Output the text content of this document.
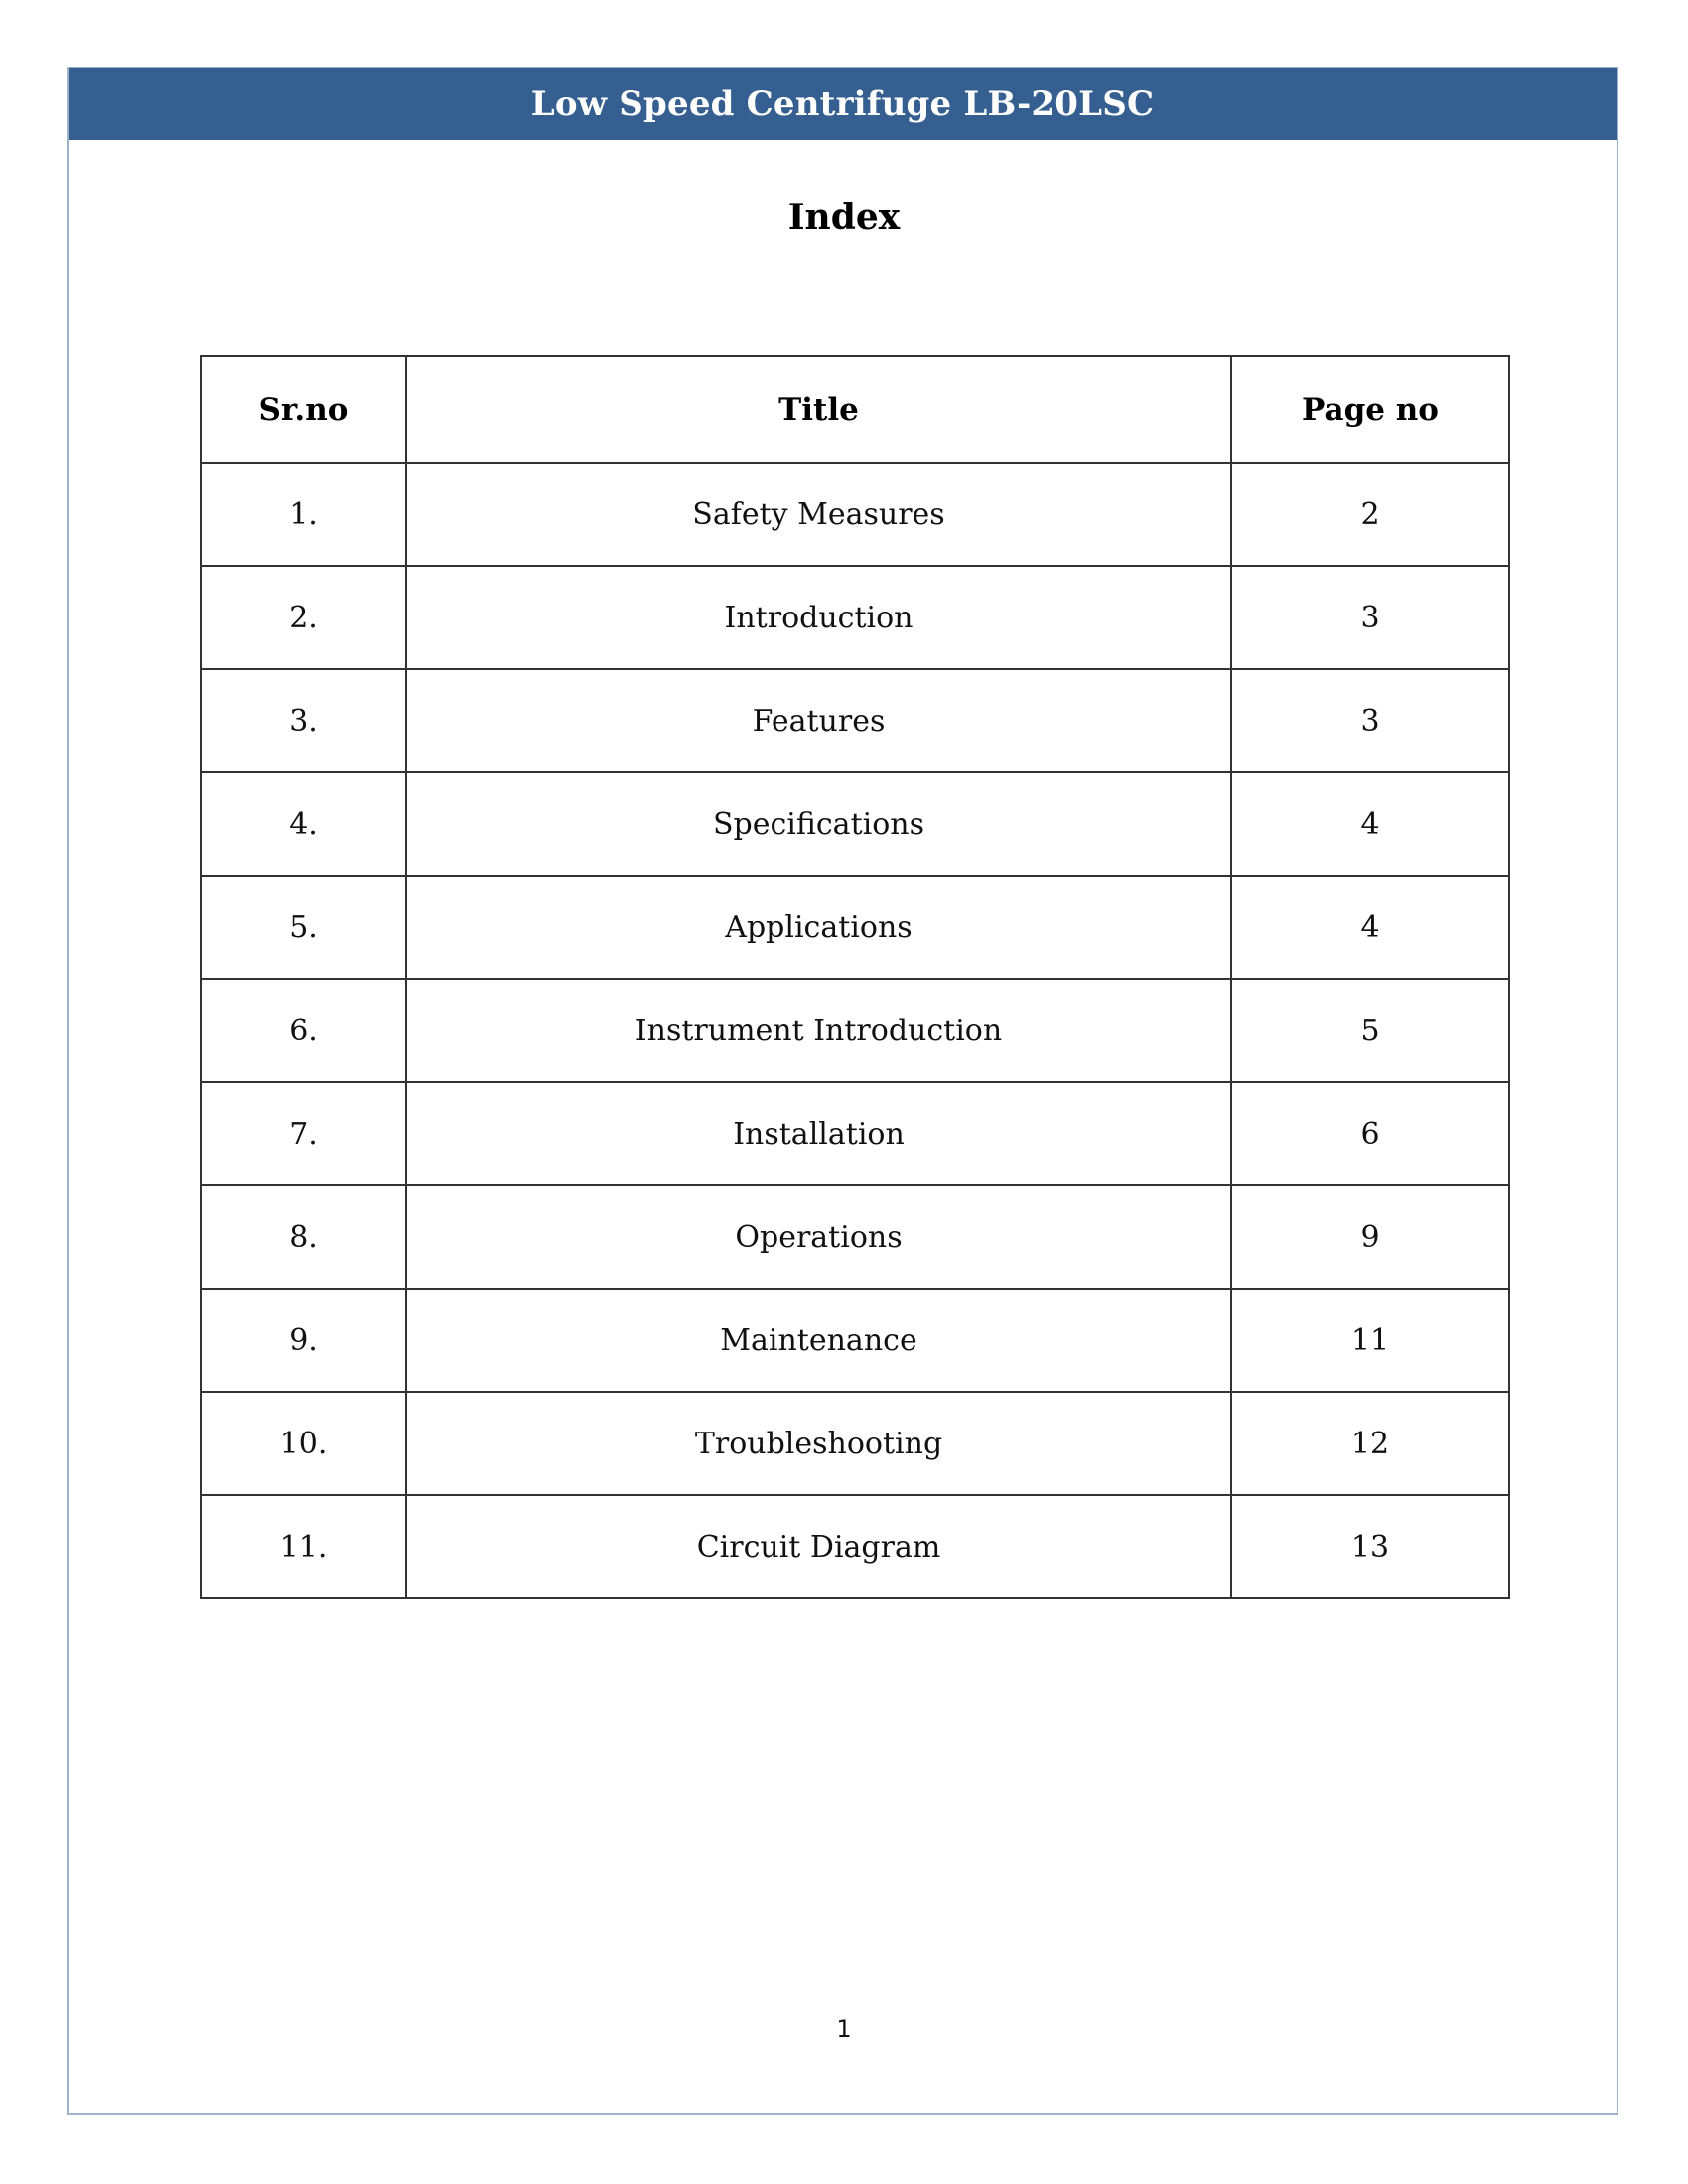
Low Speed Centrifuge LB-20LSC
Index
Sr.no	Title	Page no
1.	Safety Measures	2
2.	Introduction	3
3.	Features	3
4.	Specifications	4
5.	Applications	4
6.	Instrument Introduction	5
7.	Installation	6
8.	Operations	9
9.	Maintenance	11
10.	Troubleshooting	12
11.	Circuit Diagram	13
1
